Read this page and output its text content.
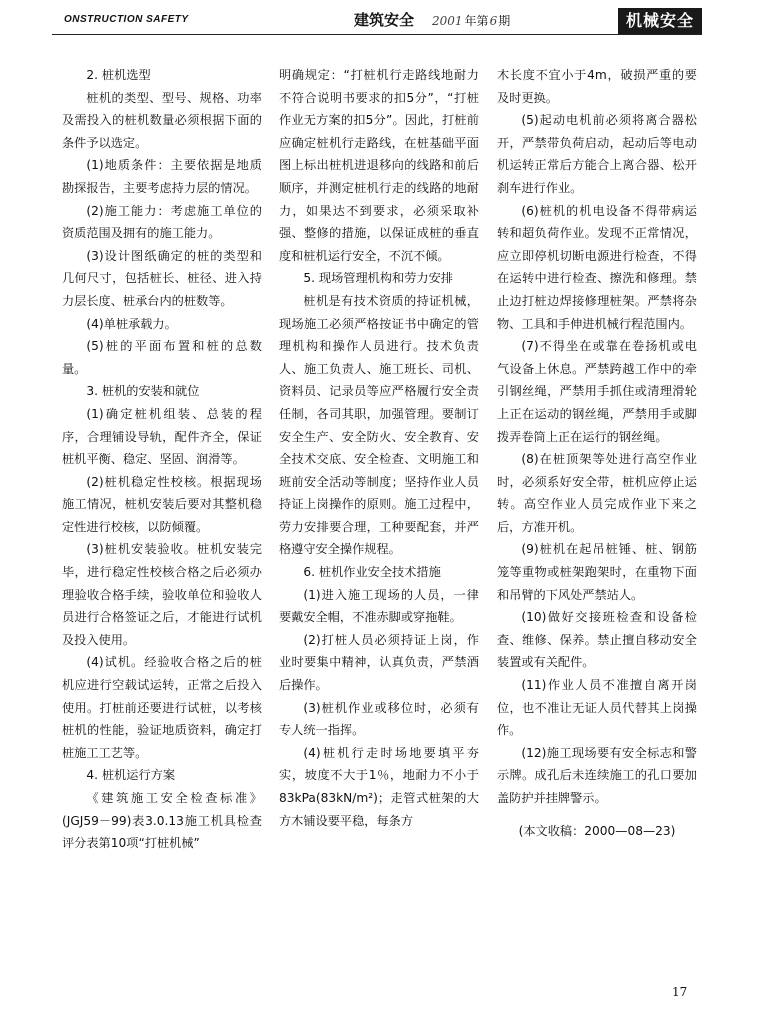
ONSTRUCTION SAFETY	建筑安全 2001 年第6期	机械安全

2. 桩机选型

桩机的类型、型号、规格、功率及需投入的桩机数量必须根据下面的条件予以选定。

(1)地质条件：主要依据是地质勘探报告，主要考虑持力层的情况。

(2)施工能力：考虑施工单位的资质范围及拥有的施工能力。

(3)设计图纸确定的桩的类型和几何尺寸，包括桩长、桩径、进入持力层长度、桩承台内的桩数等。

(4)单桩承载力。

(5)桩的平面布置和桩的总数量。

3. 桩机的安装和就位

(1)确定桩机组装、总装的程序，合理铺设导轨，配件齐全，保证桩机平衡、稳定、坚固、润滑等。

(2)桩机稳定性校核。根据现场施工情况，桩机安装后要对其整机稳定性进行校核，以防倾覆。

(3)桩机安装验收。桩机安装完毕，进行稳定性校核合格之后必须办理验收合格手续，验收单位和验收人员进行合格签证之后，才能进行试机及投入使用。

(4)试机。经验收合格之后的桩机应进行空载试运转，正常之后投入使用。打桩前还要进行试桩，以考核桩机的性能，验证地质资料，确定打桩施工工艺等。

4. 桩机运行方案

《建筑施工安全检查标准》(JGJ59－99)表3.0.13施工机具检查评分表第10项“打桩机械”

明确规定：“打桩机行走路线地耐力不符合说明书要求的扣5分”，“打桩作业无方案的扣5分”。因此，打桩前应确定桩机行走路线，在桩基础平面图上标出桩机进退移向的线路和前后顺序，并测定桩机行走的线路的地耐力，如果达不到要求，必须采取补强、整修的措施，以保证成桩的垂直度和桩机运行安全，不沉不倾。

5. 现场管理机构和劳力安排

桩机是有技术资质的持证机械，现场施工必须严格按证书中确定的管理机构和操作人员进行。技术负责人、施工负责人、施工班长、司机、资料员、记录员等应严格履行安全责任制，各司其职，加强管理。要制订安全生产、安全防火、安全教育、安全技术交底、安全检查、文明施工和班前安全活动等制度；坚持作业人员持证上岗操作的原则。施工过程中，劳力安排要合理，工种要配套，并严格遵守安全操作规程。

6. 桩机作业安全技术措施

(1)进入施工现场的人员，一律要戴安全帽，不准赤脚或穿拖鞋。

(2)打桩人员必须持证上岗，作业时要集中精神，认真负责，严禁酒后操作。

(3)桩机作业或移位时，必须有专人统一指挥。

(4)桩机行走时场地要填平夯实，坡度不大于1％，地耐力不小于83kPa(83kN/m²)；走管式桩架的大方木铺设要平稳，每条方

木长度不宜小于4m，破损严重的要及时更换。

(5)起动电机前必须将离合器松开，严禁带负荷启动，起动后等电动机运转正常后方能合上离合器、松开刹车进行作业。

(6)桩机的机电设备不得带病运转和超负荷作业。发现不正常情况，应立即停机切断电源进行检查，不得在运转中进行检查、擦洗和修理。禁止边打桩边焊接修理桩架。严禁将杂物、工具和手伸进机械行程范围内。

(7)不得坐在或靠在卷扬机或电气设备上休息。严禁跨越工作中的牵引钢丝绳，严禁用手抓住或清理滑轮上正在运动的钢丝绳，严禁用手或脚拨弄卷筒上正在运行的钢丝绳。

(8)在桩顶架等处进行高空作业时，必须系好安全带，桩机应停止运转。高空作业人员完成作业下来之后，方准开机。

(9)桩机在起吊桩锤、桩、钢筋笼等重物或桩架跑架时，在重物下面和吊臂的下风处严禁站人。

(10)做好交接班检查和设备检查、维修、保养。禁止擅自移动安全装置或有关配件。

(11)作业人员不准擅自离开岗位，也不准让无证人员代替其上岗操作。

(12)施工现场要有安全标志和警示牌。成孔后未连续施工的孔口要加盖防护并挂牌警示。

(本文收稿：2000—08—23)

17
